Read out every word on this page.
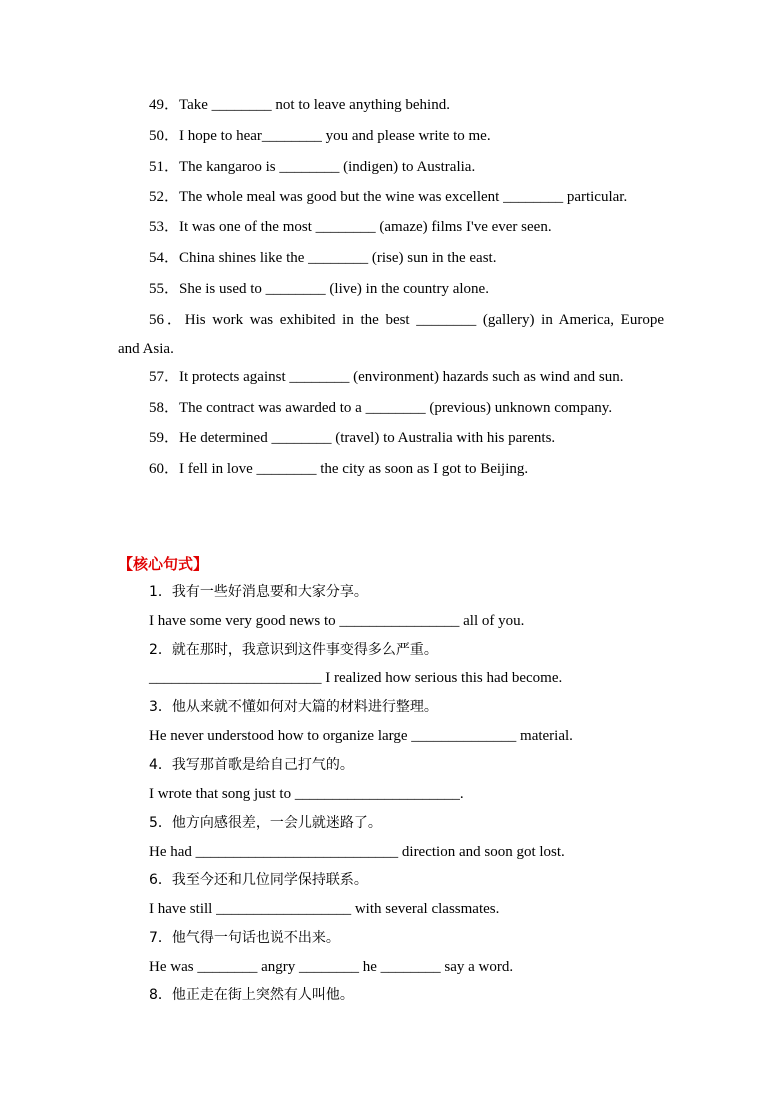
49．Take ________ not to leave anything behind.
50．I hope to hear________ you and please write to me.
51．The kangaroo is ________ (indigen) to Australia.
52．The whole meal was good but the wine was excellent ________ particular.
53．It was one of the most ________ (amaze) films I've ever seen.
54．China shines like the ________ (rise) sun in the east.
55．She is used to ________ (live) in the country alone.
56．His work was exhibited in the best ________ (gallery) in America, Europe
and Asia.
57．It protects against ________ (environment) hazards such as wind and sun.
58．The contract was awarded to a ________ (previous) unknown company.
59．He determined ________ (travel) to Australia with his parents.
60．I fell in love ________ the city as soon as I got to Beijing.
【核心句式】
1．我有一些好消息要和大家分享。
I have some very good news to ________________ all of you.
2．就在那时，我意识到这件事变得多么严重。
_______________________ I realized how serious this had become.
3．他从来就不懂如何对大篇的材料进行整理。
He never understood how to organize large ______________ material.
4．我写那首歌是给自己打气的。
I wrote that song just to ______________________.
5．他方向感很差，一会儿就迷路了。
He had ___________________________ direction and soon got lost.
6．我至今还和几位同学保持联系。
I have still __________________ with several classmates.
7．他气得一句话也说不出来。
He was ________ angry ________ he ________ say a word.
8．他正走在街上突然有人叫他。
